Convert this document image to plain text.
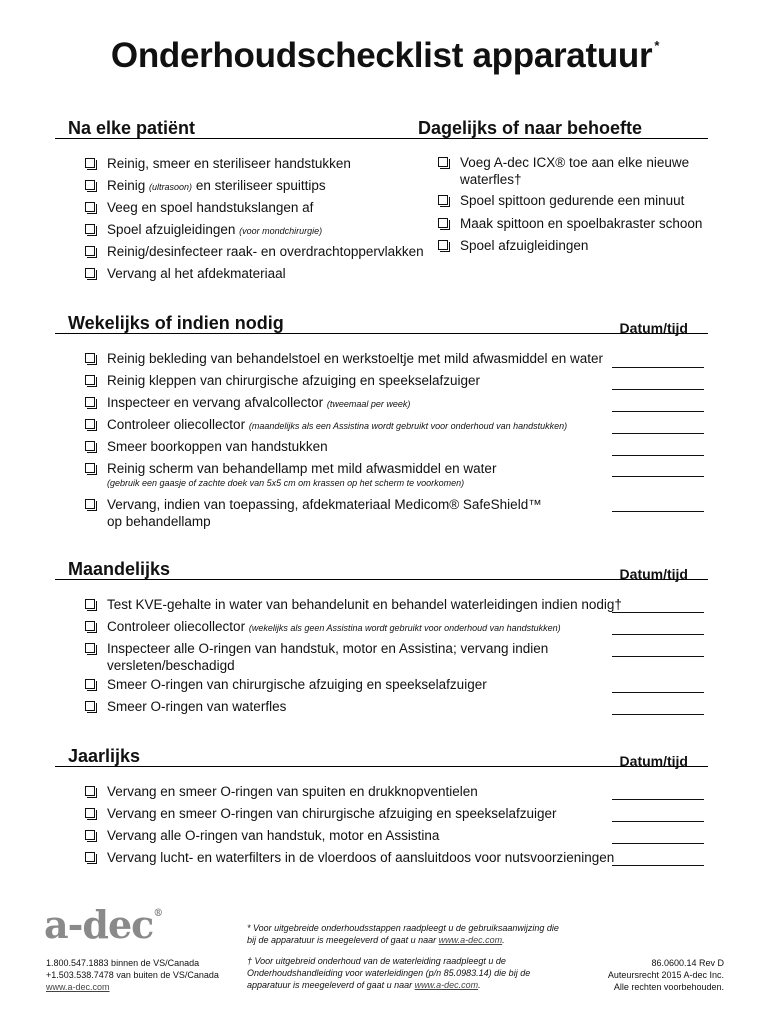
Onderhoudschecklist apparatuur *
Na elke patiënt	Dagelijks of naar behoefte
Reinig, smeer en steriliseer handstukken
Reinig (ultrasoon) en steriliseer spuittips
Veeg en spoel handstukslangen af
Spoel afzuigleidingen (voor mondchirurgie)
Reinig/desinfecteer raak- en overdrachtoppervlakken
Vervang al het afdekmateriaal
Voeg A-dec ICX® toe aan elke nieuwe
waterfles†
Spoel spittoon gedurende een minuut
Maak spittoon en spoelbakraster schoon
Spoel afzuigleidingen
Wekelijks of indien nodig	Datum/tijd
Reinig bekleding van behandelstoel en werkstoeltje met mild afwasmiddel en water
Reinig kleppen van chirurgische afzuiging en speekselafzuiger
Inspecteer en vervang afvalcollector (tweemaal per week)
Controleer oliecollector (maandelijks als een Assistina wordt gebruikt voor onderhoud van handstukken)
Smeer boorkoppen van handstukken
Reinig scherm van behandellamp met mild afwasmiddel en water
(gebruik een gaasje of zachte doek van 5x5 cm om krassen op het scherm te voorkomen)
Vervang, indien van toepassing, afdekmateriaal Medicom® SafeShield™
op behandellamp
Maandelijks	Datum/tijd
Test KVE-gehalte in water van behandelunit en behandel waterleidingen indien nodig†
Controleer oliecollector (wekelijks als geen Assistina wordt gebruikt voor onderhoud van handstukken)
Inspecteer alle O-ringen van handstuk, motor en Assistina; vervang indien
versleten/beschadigd
Smeer O-ringen van chirurgische afzuiging en speekselafzuiger
Smeer O-ringen van waterfles
Jaarlijks	Datum/tijd
Vervang en smeer O-ringen van spuiten en drukknopventielen
Vervang en smeer O-ringen van chirurgische afzuiging en speekselafzuiger
Vervang alle O-ringen van handstuk, motor en Assistina
Vervang lucht- en waterfilters in de vloerdoos of aansluitdoos voor nutsvoorzieningen
a-dec®
1.800.547.1883 binnen de VS/Canada
+1.503.538.7478 van buiten de VS/Canada
www.a-dec.com
* Voor uitgebreide onderhoudsstappen raadpleegt u de gebruiksaanwijzing die bij de apparatuur is meegeleverd of gaat u naar www.a-dec.com.
† Voor uitgebreid onderhoud van de waterleiding raadpleegt u de Onderhoudshandleiding voor waterleidingen (p/n 85.0983.14) die bij de apparatuur is meegeleverd of gaat u naar www.a-dec.com.
86.0600.14 Rev D
Auteursrecht 2015 A-dec Inc.
Alle rechten voorbehouden.
